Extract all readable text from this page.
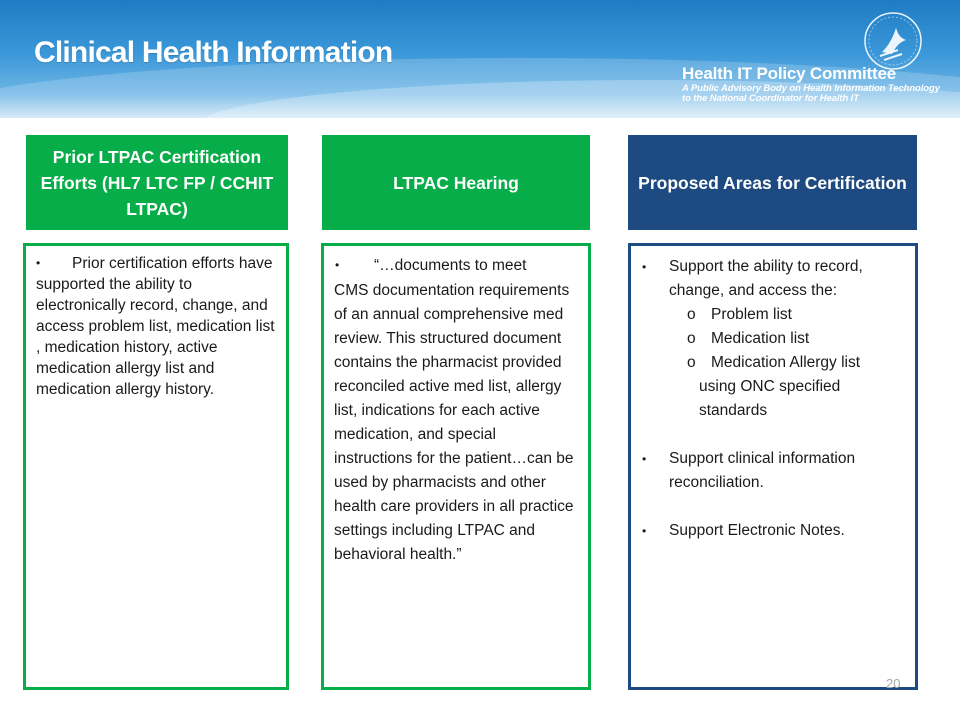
Clinical Health Information
Health IT Policy Committee
A Public Advisory Body on Health Information Technology
to the National Coordinator for Health IT
Prior LTPAC Certification Efforts (HL7 LTC FP / CCHIT LTPAC)
• Prior certification efforts have supported the ability to electronically record, change, and access problem list, medication list , medication history, active medication allergy list and medication allergy history.
LTPAC Hearing
•	“…documents to meet
CMS documentation requirements of an annual comprehensive med review. This structured document contains the pharmacist provided reconciled active med list, allergy list, indications for each active medication, and special instructions for the patient…can be used by pharmacists and other health care providers in all practice settings including LTPAC and behavioral health.”
Proposed Areas for Certification
•	Support the ability to record, change, and access the:
o Problem list
o Medication list
o Medication Allergy list
using ONC specified standards
•	Support clinical information reconciliation.
•	Support Electronic Notes.
20
